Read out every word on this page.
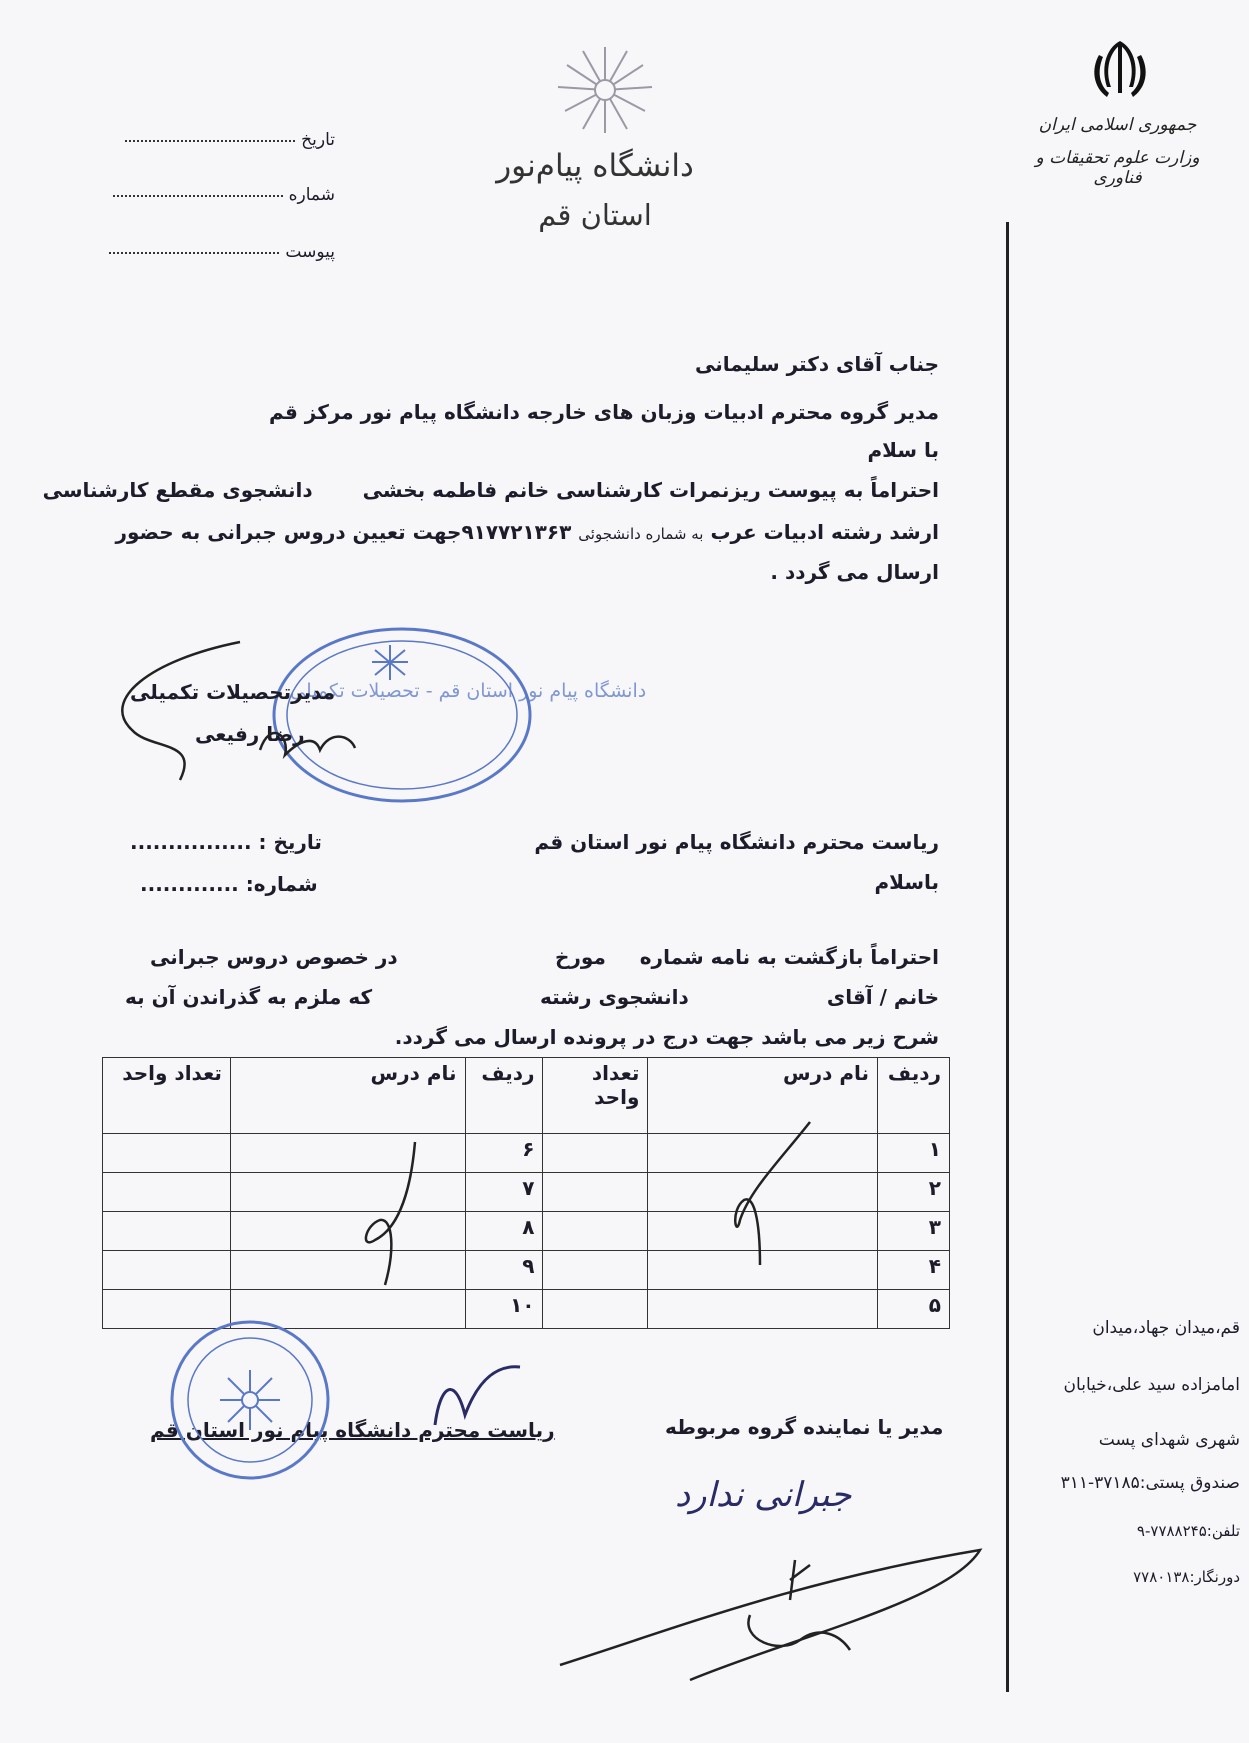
دانشگاه پیام‌نور
استان قم
تاریخ
شماره
پیوست
جمهوری اسلامی ایران
وزارت علوم تحقیقات و فناوری
جناب آقای دکتر سلیمانی
مدیر گروه محترم ادبیات وزبان های خارجه دانشگاه پیام نور مرکز قم
با سلام
احتراماً به پیوست ریزنمرات کارشناسی خانم فاطمه بخشیدانشجوی مقطع کارشناسی
ارشد رشته ادبیات عرب به شماره دانشجوئی ۹۱۷۷۲۱۳۶۳جهت تعیین دروس جبرانی به حضور
ارسال می گردد .
دانشگاه پیام نور استان قم - تحصیلات تکمیلی
مدیرتحصیلات تکمیلی
رضا رفیعی
ریاست محترم دانشگاه پیام نور استان قم
باسلام
تاریخ : ................
شماره: .............
احتراماً بازگشت به نامه شماره
مورخ
در خصوص دروس جبرانی
خانم / آقای
دانشجوی رشته
که ملزم به گذراندن آن به
شرح زیر می باشد جهت درج در پرونده ارسال می گردد.
ردیف	نام درس	تعداد واحد	ردیف	نام درس	تعداد واحد
۱			۶		
۲			۷		
۳			۸		
۴			۹		
۵			۱۰		
مدیر یا نماینده گروه مربوطه
ریاست محترم دانشگاه پیام نور استان قم
جبرانی ندارد
قم،میدان جهاد،میدان
امامزاده سید علی،خیابان
شهری شهدای پست
صندوق پستی:۳۷۱۸۵-۳۱۱
تلفن:۷۷۸۸۲۴۵-۹
دورنگار:۷۷۸۰۱۳۸
